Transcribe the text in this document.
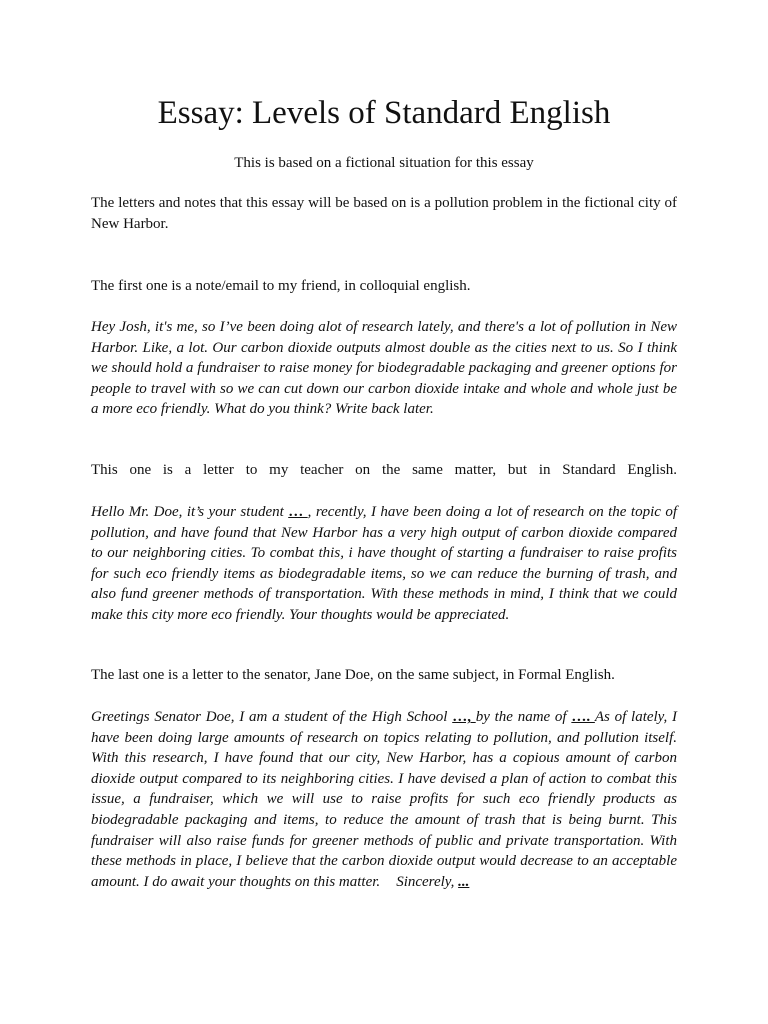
Essay: Levels of Standard English

This is based on a fictional situation for this essay

The letters and notes that this essay will be based on is a pollution problem in the fictional city of New Harbor.

The first one is a note/email to my friend, in colloquial english.

Hey Josh, it's me, so I’ve been doing alot of research lately, and there's a lot of pollution in New Harbor. Like, a lot. Our carbon dioxide outputs almost double as the cities next to us. So I think we should hold a fundraiser to raise money for biodegradable packaging and greener options for people to travel with so we can cut down our carbon dioxide intake and whole and whole just be a more eco friendly. What do you think? Write back later.

This one is a letter to my teacher on the same matter, but in Standard English.

Hello Mr. Doe, it’s your student … , recently, I have been doing a lot of research on the topic of pollution, and have found that New Harbor has a very high output of carbon dioxide compared to our neighboring cities. To combat this, i have thought of starting a fundraiser to raise profits for such eco friendly items as biodegradable items, so we can reduce the burning of trash, and also fund greener methods of transportation. With these methods in mind, I think that we could make this city more eco friendly. Your thoughts would be appreciated.

The last one is a letter to the senator, Jane Doe, on the same subject, in Formal English.

Greetings Senator Doe, I am a student of the High School …, by the name of …. As of lately, I have been doing large amounts of research on topics relating to pollution, and pollution itself. With this research, I have found that our city, New Harbor, has a copious amount of carbon dioxide output compared to its neighboring cities. I have devised a plan of action to combat this issue, a fundraiser, which we will use to raise profits for such eco friendly products as biodegradable packaging and items, to reduce the amount of trash that is being burnt. This fundraiser will also raise funds for greener methods of public and private transportation. With these methods in place, I believe that the carbon dioxide output would decrease to an acceptable amount. I do await your thoughts on this matter. Sincerely, ...
